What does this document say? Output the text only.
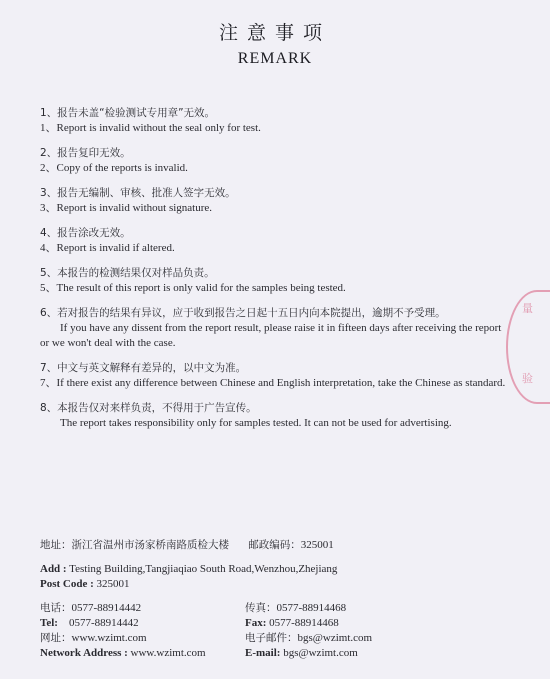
注意事项
REMARK
1、报告未盖“检验测试专用章”无效。
1、Report is invalid without the seal only for test.
2、报告复印无效。
2、Copy of the reports is invalid.
3、报告无编制、审核、批准人签字无效。
3、Report is invalid without signature.
4、报告涂改无效。
4、Report is invalid if altered.
5、本报告的检测结果仅对样品负责。
5、The result of this report is only valid for the samples being tested.
6、若对报告的结果有异议，应于收到报告之日起十五日内向本院提出，逾期不予受理。
If you have any dissent from the report result, please raise it in fifteen days after receiving the report or we won't deal with the case.
7、中文与英文解释有差异的，以中文为准。
7、If there exist any difference between Chinese and English interpretation, take the Chinese as standard.
8、本报告仅对来样负责，不得用于广告宣传。
The report takes responsibility only for samples tested. It can not be used for advertising.
地址：浙江省温州市汤家桥南路质检大楼 邮政编码：325001
Add : Testing Building,Tangjiaqiao South Road,Wenzhou,Zhejiang
Post Code : 325001
电话：0577-88914442	传真：0577-88914468
Tel: 0577-88914442	Fax: 0577-88914468
网址：www.wzimt.com	电子邮件：bgs@wzimt.com
Network Address : www.wzimt.com	E-mail: bgs@wzimt.com
量
验
